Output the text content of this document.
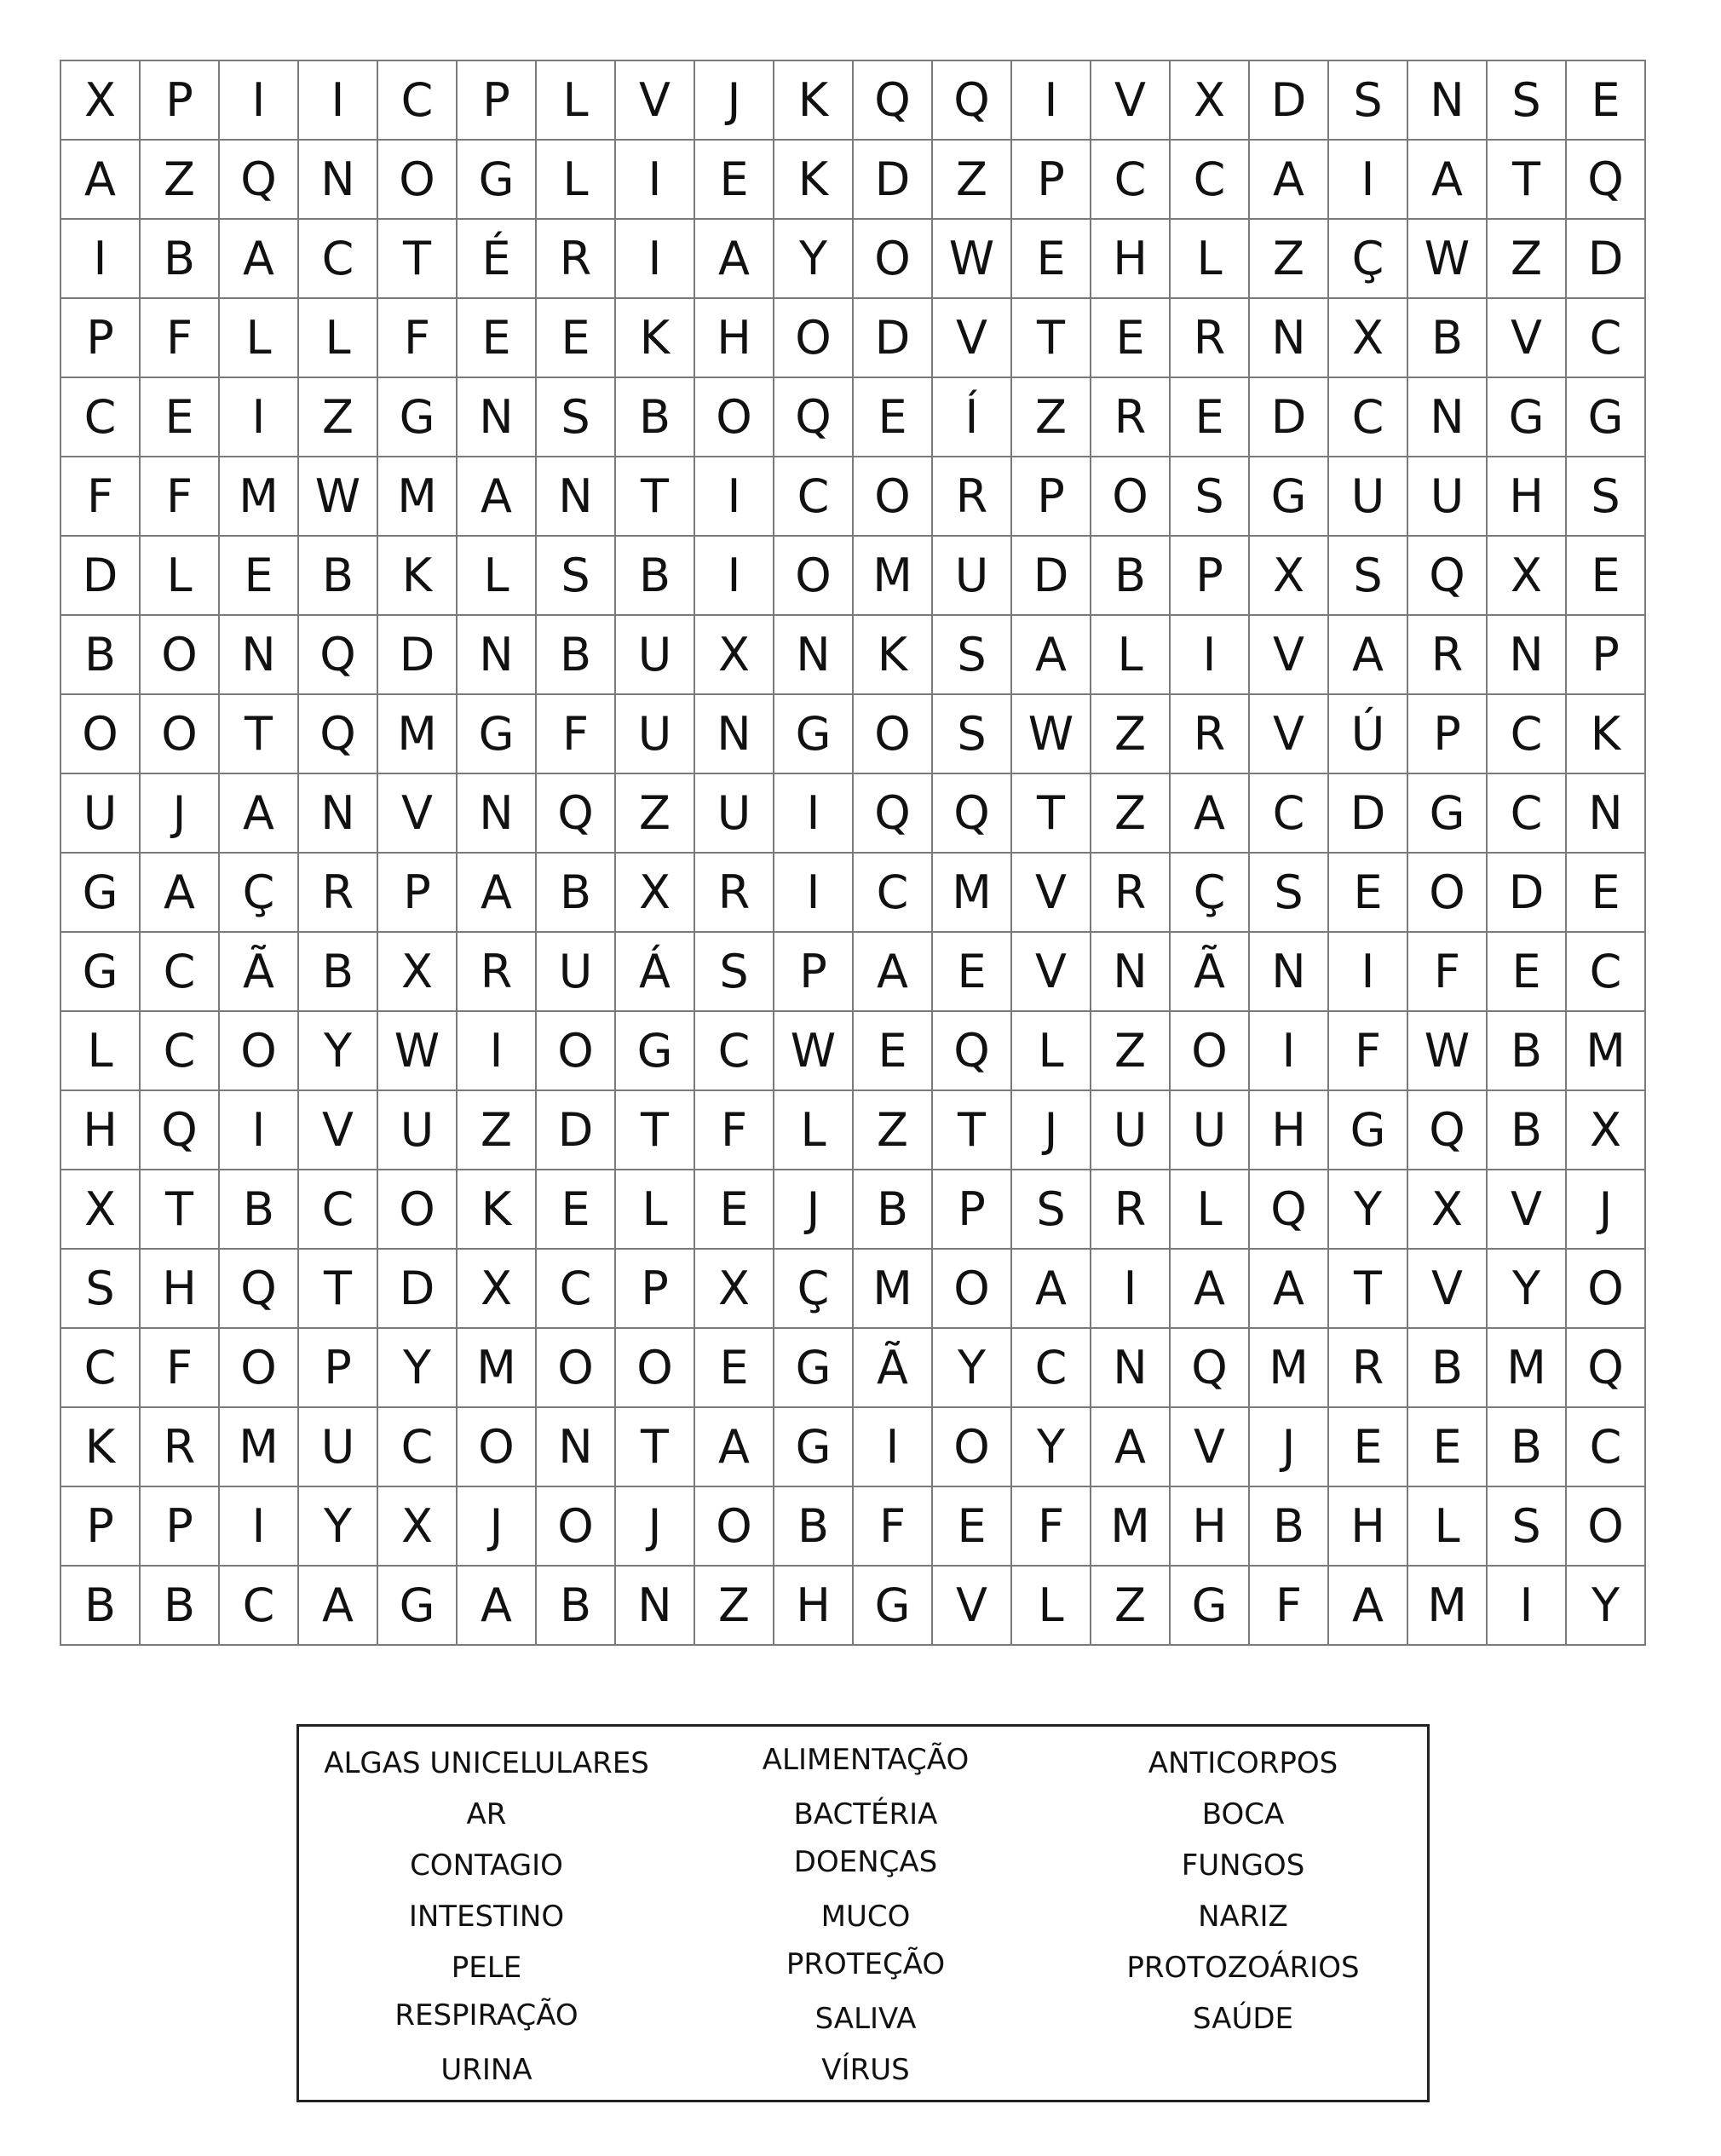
X	P	I	I	C	P	L	V	J	K	Q	Q	I	V	X	D	S	N	S	E
A	Z	Q	N	O	G	L	I	E	K	D	Z	P	C	C	A	I	A	T	Q
I	B	A	C	T	É	R	I	A	Y	O	W	E	H	L	Z	Ç	W	Z	D
P	F	L	L	F	E	E	K	H	O	D	V	T	E	R	N	X	B	V	C
C	E	I	Z	G	N	S	B	O	Q	E	Í	Z	R	E	D	C	N	G	G
F	F	M	W	M	A	N	T	I	C	O	R	P	O	S	G	U	U	H	S
D	L	E	B	K	L	S	B	I	O	M	U	D	B	P	X	S	Q	X	E
B	O	N	Q	D	N	B	U	X	N	K	S	A	L	I	V	A	R	N	P
O	O	T	Q	M	G	F	U	N	G	O	S	W	Z	R	V	Ú	P	C	K
U	J	A	N	V	N	Q	Z	U	I	Q	Q	T	Z	A	C	D	G	C	N
G	A	Ç	R	P	A	B	X	R	I	C	M	V	R	Ç	S	E	O	D	E
G	C	Ã	B	X	R	U	Á	S	P	A	E	V	N	Ã	N	I	F	E	C
L	C	O	Y	W	I	O	G	C	W	E	Q	L	Z	O	I	F	W	B	M
H	Q	I	V	U	Z	D	T	F	L	Z	T	J	U	U	H	G	Q	B	X
X	T	B	C	O	K	E	L	E	J	B	P	S	R	L	Q	Y	X	V	J
S	H	Q	T	D	X	C	P	X	Ç	M	O	A	I	A	A	T	V	Y	O
C	F	O	P	Y	M	O	O	E	G	Ã	Y	C	N	Q	M	R	B	M	Q
K	R	M	U	C	O	N	T	A	G	I	O	Y	A	V	J	E	E	B	C
P	P	I	Y	X	J	O	J	O	B	F	E	F	M	H	B	H	L	S	O
B	B	C	A	G	A	B	N	Z	H	G	V	L	Z	G	F	A	M	I	Y
ALGAS UNICELULARES
AR
CONTAGIO
INTESTINO
PELE
RESPIRAÇÃO
URINA
ALIMENTAÇÃO
BACTÉRIA
DOENÇAS
MUCO
PROTEÇÃO
SALIVA
VÍRUS
ANTICORPOS
BOCA
FUNGOS
NARIZ
PROTOZOÁRIOS
SAÚDE
